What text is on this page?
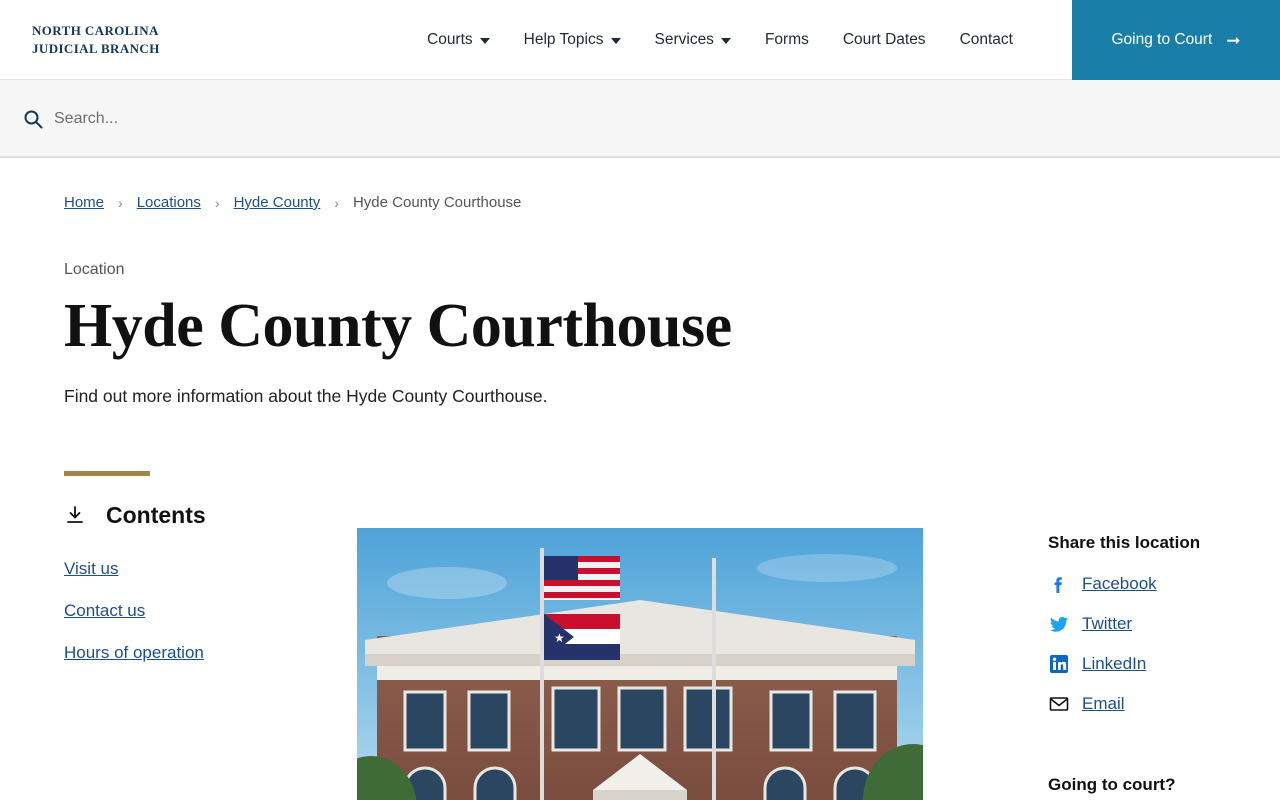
NORTH CAROLINA
JUDICIAL BRANCH	Courts	Help Topics	Services	Forms Court Dates Contact	Going to Court ➞
Search...
Home › Locations › Hyde County › Hyde County Courthouse
Location
Hyde County Courthouse

Find out more information about the Hyde County Courthouse.

Contents
Visit us
Contact us
Hours of operation
★
Share this location
Facebook
Twitter
LinkedIn
Email
Going to court?
